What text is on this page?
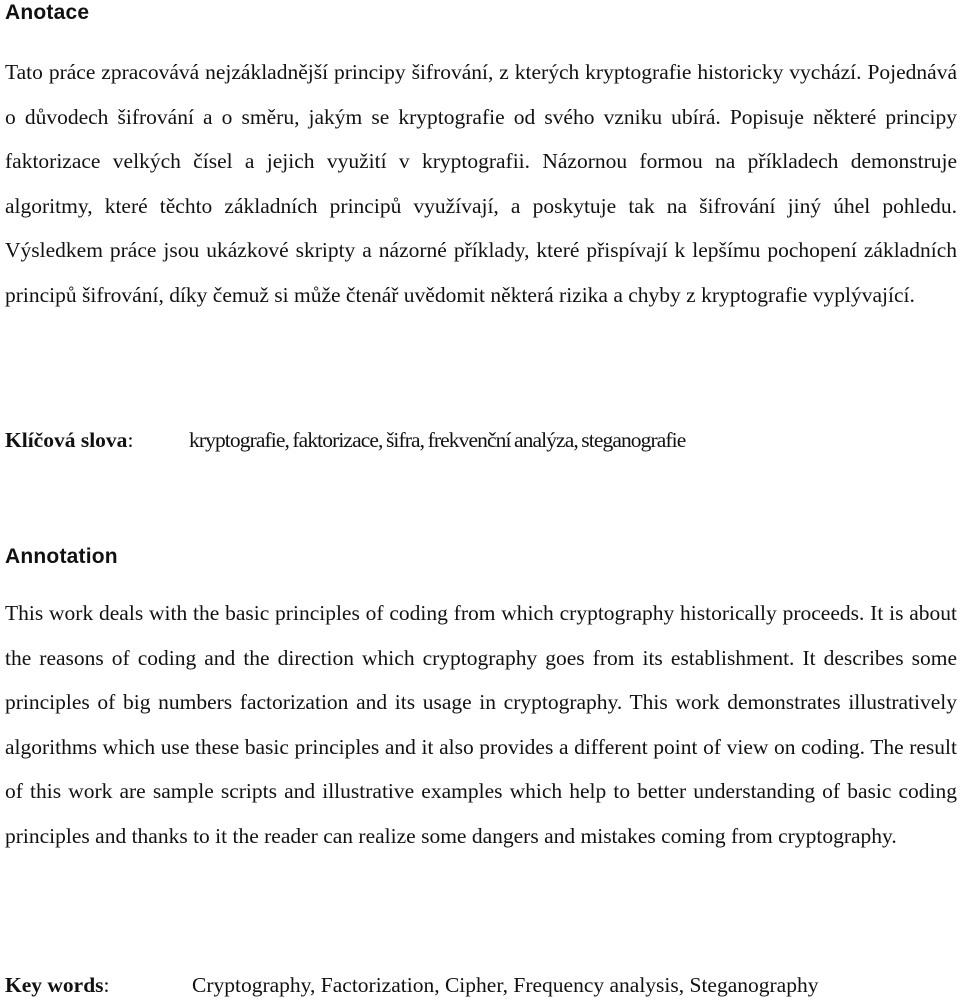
Anotace

Tato práce zpracovává nejzákladnější principy šifrování, z kterých kryptografie historicky vychází. Pojednává o důvodech šifrování a o směru, jakým se kryptografie od svého vzniku ubírá. Popisuje některé principy faktorizace velkých čísel a jejich využití v kryptografii. Názornou formou na příkladech demonstruje algoritmy, které těchto základních principů využívají, a poskytuje tak na šifrování jiný úhel pohledu. Výsledkem práce jsou ukázkové skripty a názorné příklady, které přispívají k lepšímu pochopení základních principů šifrování, díky čemuž si může čtenář uvědomit některá rizika a chyby z kryptografie vyplývající.

Klíčová slova:	kryptografie, faktorizace, šifra, frekvenční analýza, steganografie
Annotation

This work deals with the basic principles of coding from which cryptography historically proceeds. It is about the reasons of coding and the direction which cryptography goes from its establishment. It describes some principles of big numbers factorization and its usage in cryptography. This work demonstrates illustratively algorithms which use these basic principles and it also provides a different point of view on coding. The result of this work are sample scripts and illustrative examples which help to better understanding of basic coding principles and thanks to it the reader can realize some dangers and mistakes coming from cryptography.

Key words:	Cryptography, Factorization, Cipher, Frequency analysis, Steganography
